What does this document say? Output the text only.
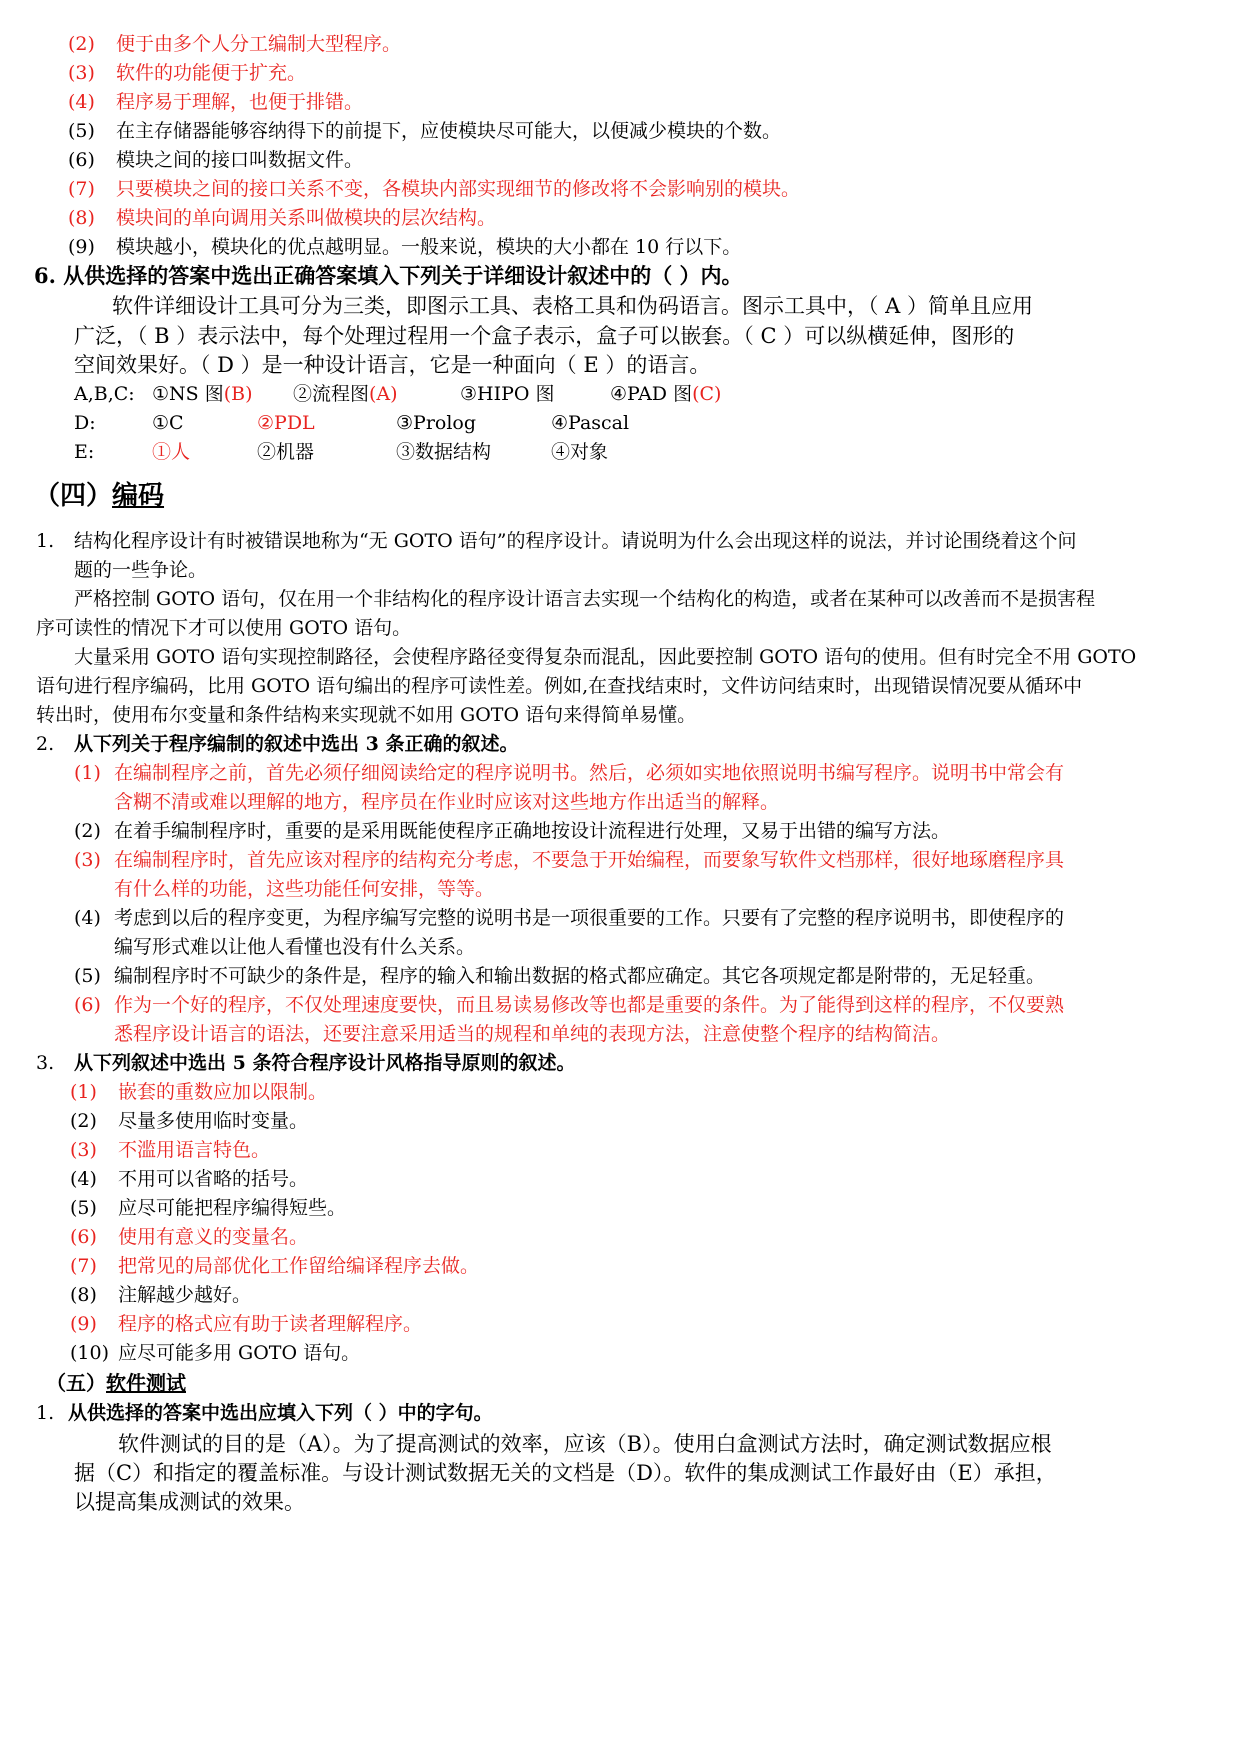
(2) 便于由多个人分工编制大型程序。
(3) 软件的功能便于扩充。
(4) 程序易于理解，也便于排错。
(5) 在主存储器能够容纳得下的前提下，应使模块尽可能大，以便减少模块的个数。
(6) 模块之间的接口叫数据文件。
(7) 只要模块之间的接口关系不变，各模块内部实现细节的修改将不会影响别的模块。
(8) 模块间的单向调用关系叫做模块的层次结构。
(9) 模块越小，模块化的优点越明显。一般来说，模块的大小都在 10 行以下。
6. 从供选择的答案中选出正确答案填入下列关于详细设计叙述中的（ ）内。
软件详细设计工具可分为三类，即图示工具、表格工具和伪码语言。图示工具中，（ A ）简单且应用
广泛，（ B ）表示法中，每个处理过程用一个盒子表示，盒子可以嵌套。（ C ）可以纵横延伸，图形的
空间效果好。（ D ）是一种设计语言，它是一种面向（ E ）的语言。
A,B,C: ①NS 图(B) ②流程图(A)	③HIPO 图	④PAD 图(C)
D:	①C	②PDL	③Prolog	④Pascal
E:	①人	②机器	③数据结构	④对象
（四）编码
1. 结构化程序设计有时被错误地称为“无 GOTO 语句”的程序设计。请说明为什么会出现这样的说法，并讨论围绕着这个问
题的一些争论。
严格控制 GOTO 语句，仅在用一个非结构化的程序设计语言去实现一个结构化的构造，或者在某种可以改善而不是损害程
序可读性的情况下才可以使用 GOTO 语句。
大量采用 GOTO 语句实现控制路径，会使程序路径变得复杂而混乱，因此要控制 GOTO 语句的使用。但有时完全不用 GOTO
语句进行程序编码，比用 GOTO 语句编出的程序可读性差。例如,在查找结束时，文件访问结束时，出现错误情况要从循环中
转出时，使用布尔变量和条件结构来实现就不如用 GOTO 语句来得简单易懂。
2. 从下列关于程序编制的叙述中选出 3 条正确的叙述。
(1) 在编制程序之前，首先必须仔细阅读给定的程序说明书。然后，必须如实地依照说明书编写程序。说明书中常会有
含糊不清或难以理解的地方，程序员在作业时应该对这些地方作出适当的解释。
(2) 在着手编制程序时，重要的是采用既能使程序正确地按设计流程进行处理，又易于出错的编写方法。
(3) 在编制程序时，首先应该对程序的结构充分考虑，不要急于开始编程，而要象写软件文档那样，很好地琢磨程序具
有什么样的功能，这些功能任何安排，等等。
(4) 考虑到以后的程序变更，为程序编写完整的说明书是一项很重要的工作。只要有了完整的程序说明书，即使程序的
编写形式难以让他人看懂也没有什么关系。
(5) 编制程序时不可缺少的条件是，程序的输入和输出数据的格式都应确定。其它各项规定都是附带的，无足轻重。
(6) 作为一个好的程序，不仅处理速度要快，而且易读易修改等也都是重要的条件。为了能得到这样的程序，不仅要熟
悉程序设计语言的语法，还要注意采用适当的规程和单纯的表现方法，注意使整个程序的结构简洁。
3. 从下列叙述中选出 5 条符合程序设计风格指导原则的叙述。
(1) 嵌套的重数应加以限制。
(2) 尽量多使用临时变量。
(3) 不滥用语言特色。
(4) 不用可以省略的括号。
(5) 应尽可能把程序编得短些。
(6) 使用有意义的变量名。
(7) 把常见的局部优化工作留给编译程序去做。
(8) 注解越少越好。
(9) 程序的格式应有助于读者理解程序。
(10) 应尽可能多用 GOTO 语句。
（五）软件测试
1. 从供选择的答案中选出应填入下列（ ）中的字句。
软件测试的目的是（A）。为了提高测试的效率，应该（B）。使用白盒测试方法时，确定测试数据应根
据（C）和指定的覆盖标准。与设计测试数据无关的文档是（D）。软件的集成测试工作最好由（E）承担，
以提高集成测试的效果。
